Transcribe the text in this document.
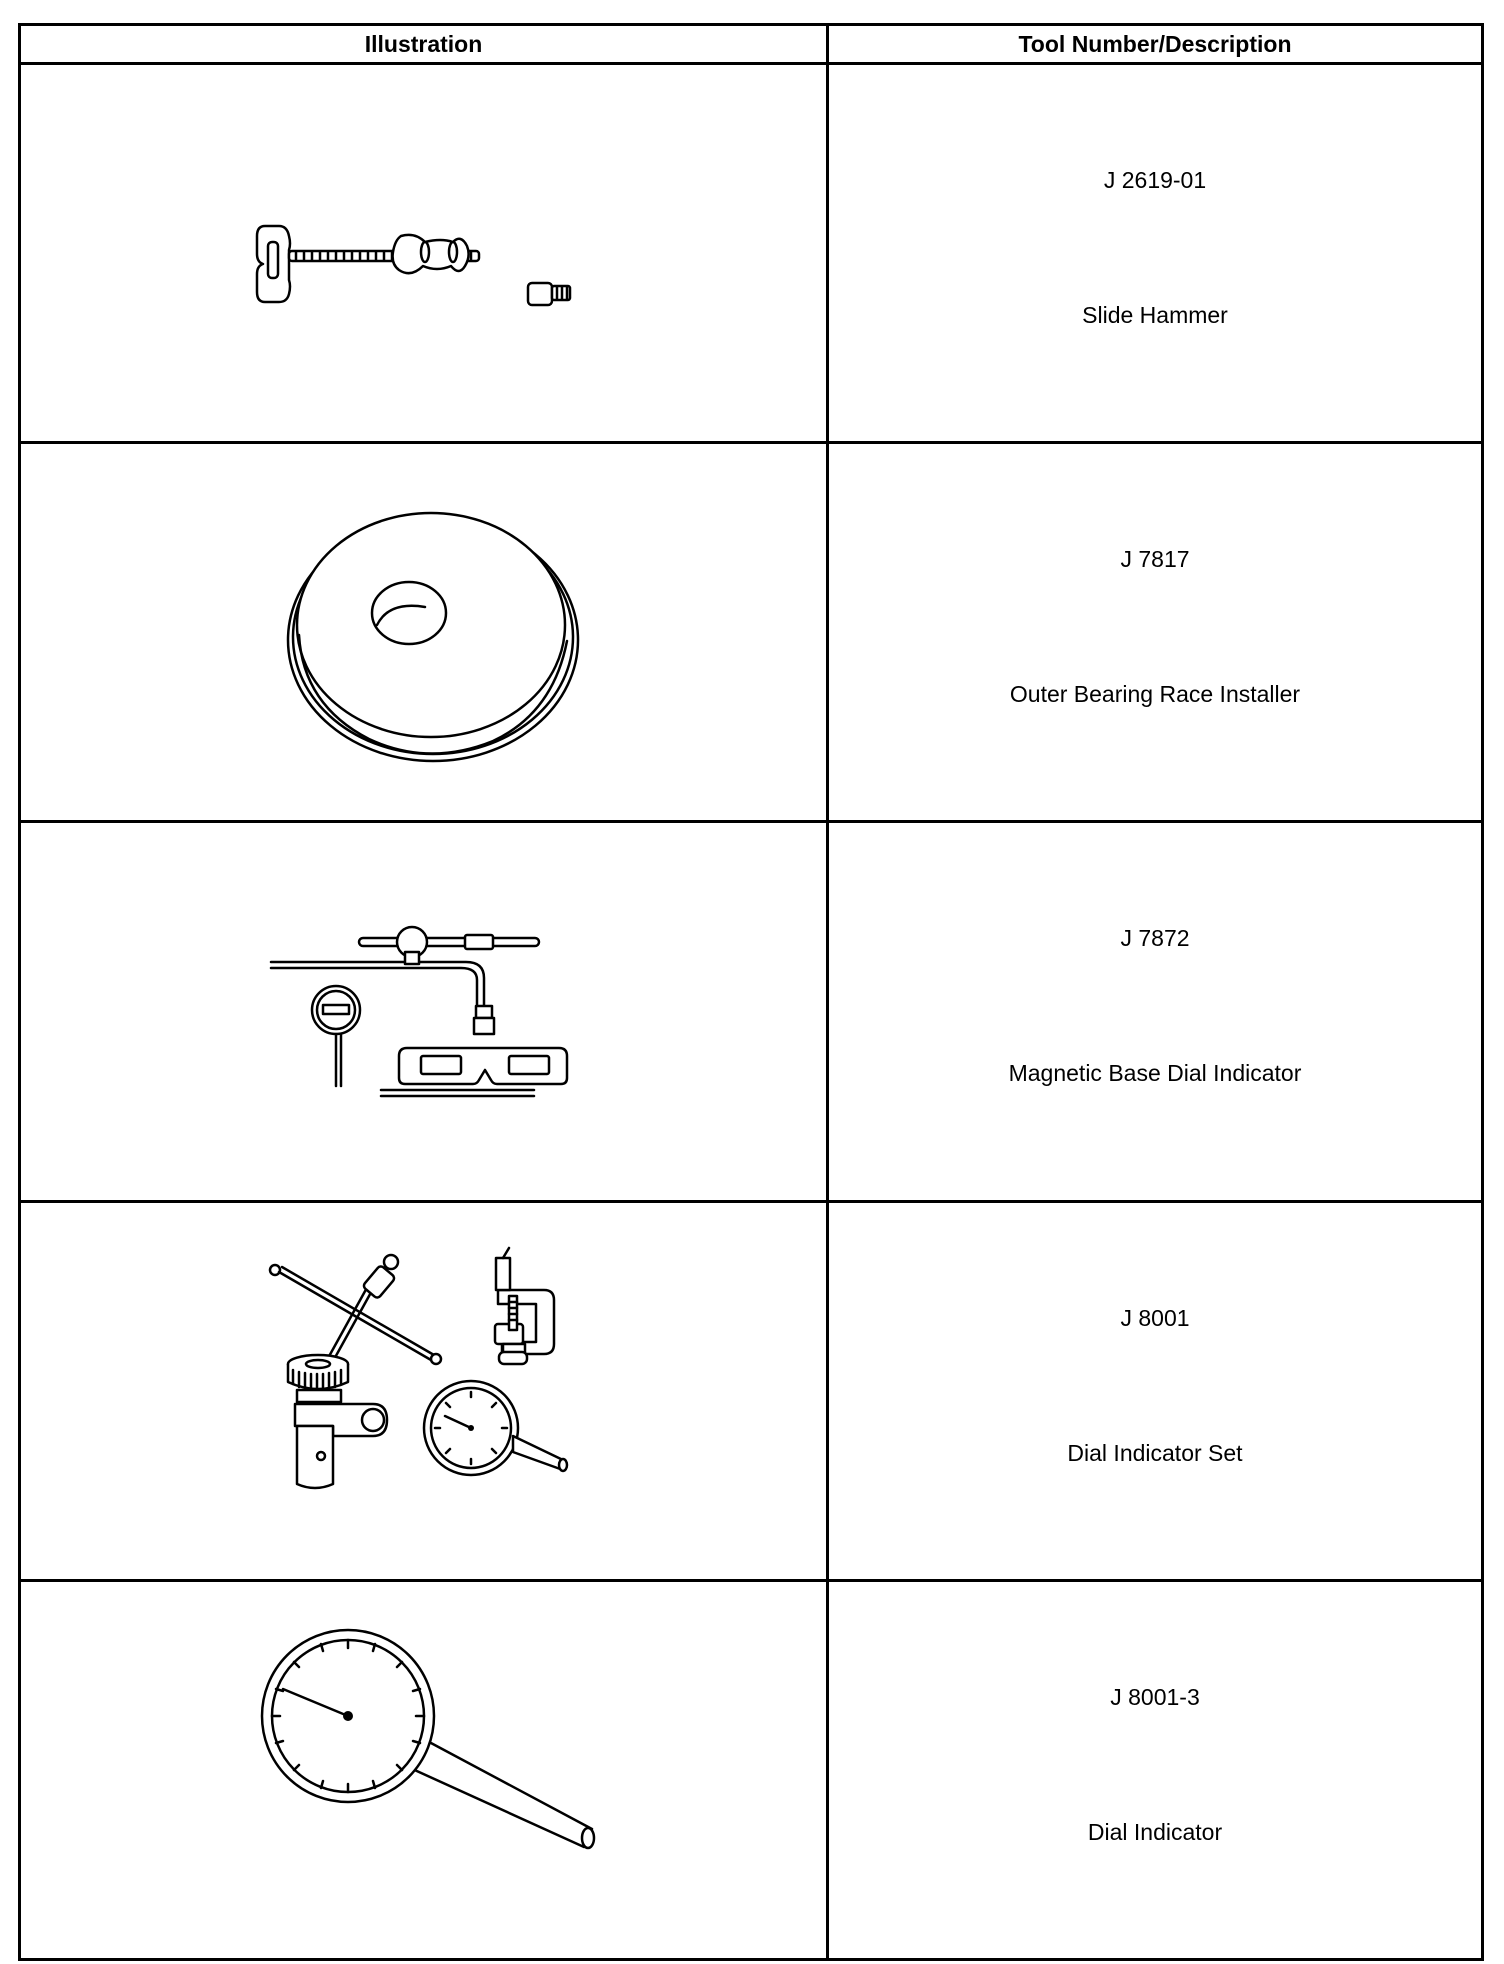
Illustration	Tool Number/Description

J 2619-01
Slide Hammer

J 7817
Outer Bearing Race Installer

J 7872
Magnetic Base Dial Indicator

J 8001
Dial Indicator Set

J 8001-3
Dial Indicator
